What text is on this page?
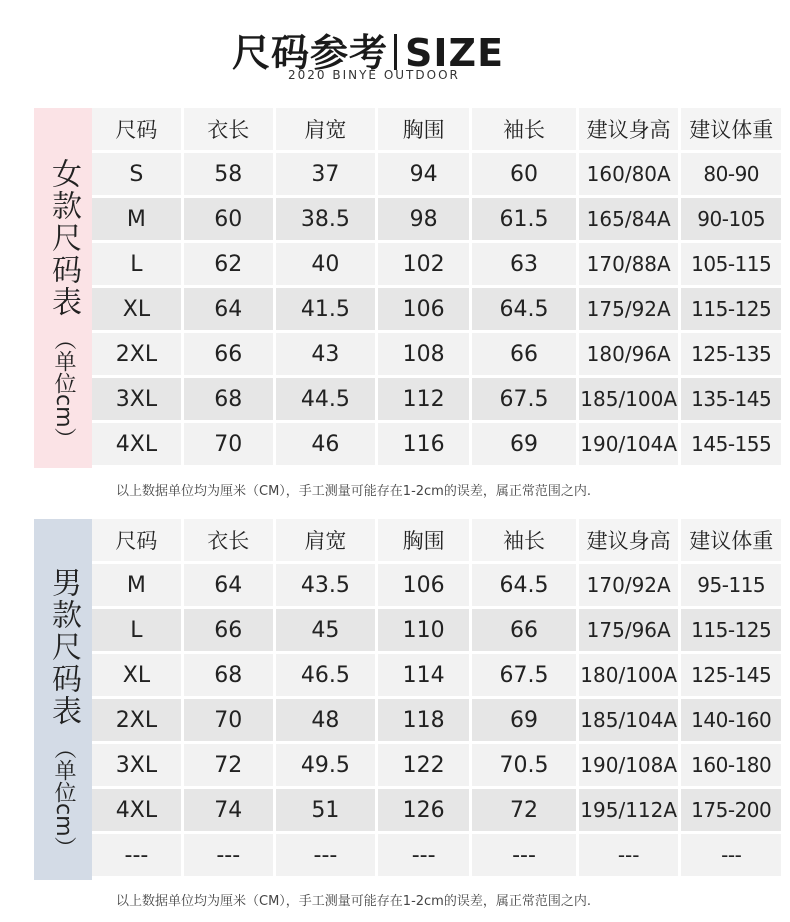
尺码参考 SIZE
2020 BINYE OUTDOOR
女款尺码表
（单位cm）
尺码	衣长	肩宽	胸围	袖长	建议身高	建议体重
S	58	37	94	60	160/80A	80-90
M	60	38.5	98	61.5	165/84A	90-105
L	62	40	102	63	170/88A	105-115
XL	64	41.5	106	64.5	175/92A	115-125
2XL	66	43	108	66	180/96A	125-135
3XL	68	44.5	112	67.5	185/100A	135-145
4XL	70	46	116	69	190/104A	145-155
以上数据单位均为厘米（CM），手工测量可能存在1-2cm的误差，属正常范围之内.
男款尺码表
（单位cm）
尺码	衣长	肩宽	胸围	袖长	建议身高	建议体重
M	64	43.5	106	64.5	170/92A	95-115
L	66	45	110	66	175/96A	115-125
XL	68	46.5	114	67.5	180/100A	125-145
2XL	70	48	118	69	185/104A	140-160
3XL	72	49.5	122	70.5	190/108A	160-180
4XL	74	51	126	72	195/112A	175-200
---	---	---	---	---	---	---
以上数据单位均为厘米（CM），手工测量可能存在1-2cm的误差，属正常范围之内.
